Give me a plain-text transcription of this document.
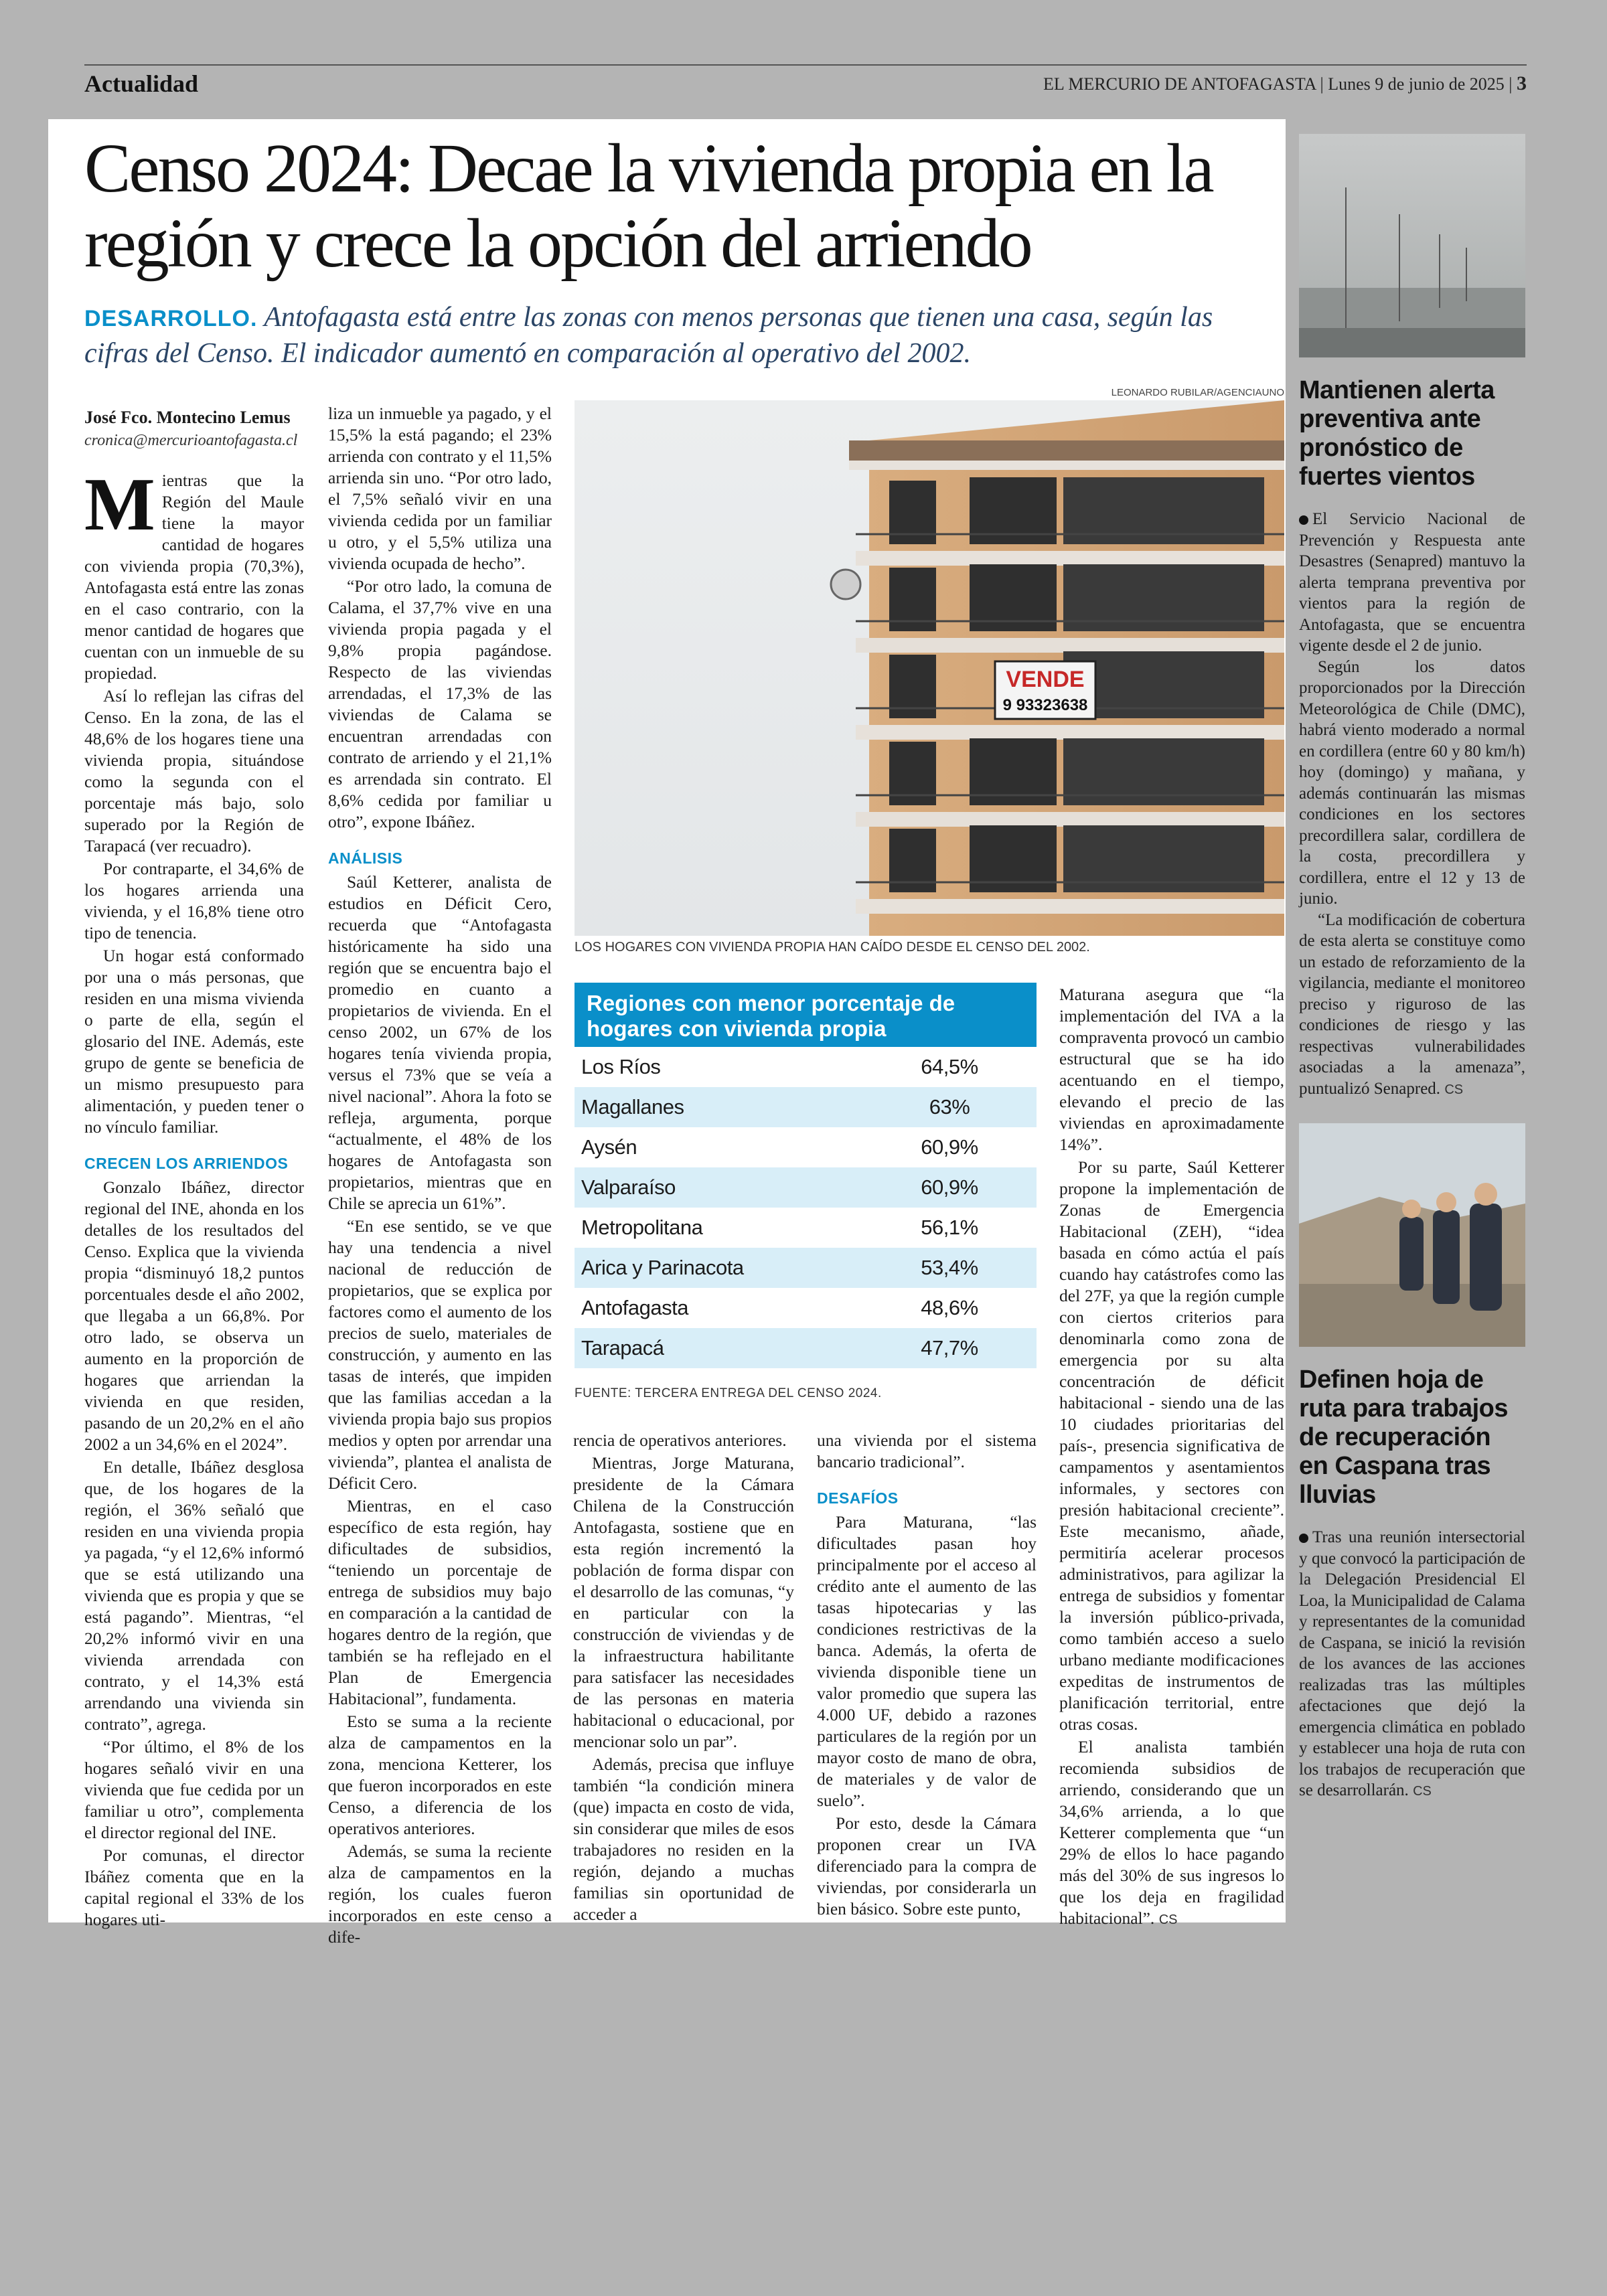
Actualidad	EL MERCURIO DE ANTOFAGASTA | Lunes 9 de junio de 2025 | 3
Censo 2024: Decae la vivienda propia en la región y crece la opción del arriendo
DESARROLLO. Antofagasta está entre las zonas con menos personas que tienen una casa, según las cifras del Censo. El indicador aumentó en comparación al operativo del 2002.

José Fco. Montecino Lemus

cronica@mercurioantofagasta.cl

Mientras que la Región del Maule tiene la mayor cantidad de hogares con vivienda propia (70,3%), Antofagasta está entre las zonas en el caso contrario, con la menor cantidad de hogares que cuentan con un inmueble de su propiedad.

Así lo reflejan las cifras del Censo. En la zona, de las el 48,6% de los hogares tiene una vivienda propia, situándose como la segunda con el porcentaje más bajo, solo superado por la Región de Tarapacá (ver recuadro).

Por contraparte, el 34,6% de los hogares arrienda una vivienda, y el 16,8% tiene otro tipo de tenencia.

Un hogar está conformado por una o más personas, que residen en una misma vivienda o parte de ella, según el glosario del INE. Además, este grupo de gente se beneficia de un mismo presupuesto para alimentación, y pueden tener o no vínculo familiar.

CRECEN LOS ARRIENDOS

Gonzalo Ibáñez, director regional del INE, ahonda en los detalles de los resultados del Censo. Explica que la vivienda propia “disminuyó 18,2 puntos porcentuales desde el año 2002, que llegaba a un 66,8%. Por otro lado, se observa un aumento en la proporción de hogares que arriendan la vivienda en que residen, pasando de un 20,2% en el año 2002 a un 34,6% en el 2024”.

En detalle, Ibáñez desglosa que, de los hogares de la región, el 36% señaló que residen en una vivienda propia ya pagada, “y el 12,6% informó que se está utilizando una vivienda que es propia y que se está pagando”. Mientras, “el 20,2% informó vivir en una vivienda arrendada con contrato, y el 14,3% está arrendando una vivienda sin contrato”, agrega.

“Por último, el 8% de los hogares señaló vivir en una vivienda que fue cedida por un familiar u otro”, complementa el director regional del INE.

Por comunas, el director Ibáñez comenta que en la capital regional el 33% de los hogares uti-

liza un inmueble ya pagado, y el 15,5% la está pagando; el 23% arrienda con contrato y el 11,5% arrienda sin uno. “Por otro lado, el 7,5% señaló vivir en una vivienda cedida por un familiar u otro, y el 5,5% utiliza una vivienda ocupada de hecho”.

“Por otro lado, la comuna de Calama, el 37,7% vive en una vivienda propia pagada y el 9,8% propia pagándose. Respecto de las viviendas arrendadas, el 17,3% de las viviendas de Calama se encuentran arrendadas con contrato de arriendo y el 21,1% es arrendada sin contrato. El 8,6% cedida por familiar u otro”, expone Ibáñez.

ANÁLISIS

Saúl Ketterer, analista de estudios en Déficit Cero, recuerda que “Antofagasta históricamente ha sido una región que se encuentra bajo el promedio en cuanto a propietarios de vivienda. En el censo 2002, un 67% de los hogares tenía vivienda propia, versus el 73% que se veía a nivel nacional”. Ahora la foto se refleja, argumenta, porque “actualmente, el 48% de los hogares de Antofagasta son propietarios, mientras que en Chile se aprecia un 61%”.

“En ese sentido, se ve que hay una tendencia a nivel nacional de reducción de propietarios, que se explica por factores como el aumento de los precios de suelo, materiales de construcción, y aumento en las tasas de interés, que impiden que las familias accedan a la vivienda propia bajo sus propios medios y opten por arrendar una vivienda”, plantea el analista de Déficit Cero.

Mientras, en el caso específico de esta región, hay dificultades de subsidios, “teniendo un porcentaje de entrega de subsidios muy bajo en comparación a la cantidad de hogares dentro de la región, que también se ha reflejado en el Plan de Emergencia Habitacional”, fundamenta.

Esto se suma a la reciente alza de campamentos en la zona, menciona Ketterer, los que fueron incorporados en este Censo, a diferencia de los operativos anteriores.

Además, se suma la reciente alza de campamentos en la región, los cuales fueron incorporados en este censo a dife-

LEONARDO RUBILAR/AGENCIAUNO
VENDE
9 93323638
LOS HOGARES CON VIVIENDA PROPIA HAN CAÍDO DESDE EL CENSO DEL 2002.
Regiones con menor porcentaje de hogares con vivienda propia
Los Ríos	64,5%
Magallanes	63%
Aysén	60,9%
Valparaíso	60,9%
Metropolitana	56,1%
Arica y Parinacota	53,4%
Antofagasta	48,6%
Tarapacá	47,7%
FUENTE: TERCERA ENTREGA DEL CENSO 2024.

rencia de operativos anteriores.

Mientras, Jorge Maturana, presidente de la Cámara Chilena de la Construcción Antofagasta, sostiene que en esta región incrementó la población de forma dispar con el desarrollo de las comunas, “y en particular con la construcción de viviendas y de la infraestructura habilitante para satisfacer las necesidades de las personas en materia habitacional o educacional, por mencionar solo un par”.

Además, precisa que influye también “la condición minera (que) impacta en costo de vida, sin considerar que miles de esos trabajadores no residen en la región, dejando a muchas familias sin oportunidad de acceder a

una vivienda por el sistema bancario tradicional”.

DESAFÍOS

Para Maturana, “las dificultades pasan hoy principalmente por el acceso al crédito ante el aumento de las tasas hipotecarias y las condiciones restrictivas de la banca. Además, la oferta de vivienda disponible tiene un valor promedio que supera las 4.000 UF, debido a razones particulares de la región por un mayor costo de mano de obra, de materiales y de valor de suelo”.

Por esto, desde la Cámara proponen crear un IVA diferenciado para la compra de viviendas, por considerarla un bien básico. Sobre este punto,

Maturana asegura que “la implementación del IVA a la compraventa provocó un cambio estructural que se ha ido acentuando en el tiempo, elevando el precio de las viviendas en aproximadamente 14%”.

Por su parte, Saúl Ketterer propone la implementación de Zonas de Emergencia Habitacional (ZEH), “idea basada en cómo actúa el país cuando hay catástrofes como las del 27F, ya que la región cumple con ciertos criterios para denominarla como zona de emergencia por su alta concentración de déficit habitacional - siendo una de las 10 ciudades prioritarias del país-, presencia significativa de campamentos y asentamientos informales, y sectores con presión habitacional creciente”. Este mecanismo, añade, permitiría acelerar procesos administrativos, para agilizar la entrega de subsidios y fomentar la inversión público-privada, como también acceso a suelo urbano mediante modificaciones expeditas de instrumentos de planificación territorial, entre otras cosas.

El analista también recomienda subsidios de arriendo, considerando que un 34,6% arrienda, a lo que Ketterer complementa que “un 29% de ellos lo hace pagando más del 30% de sus ingresos lo que los deja en fragilidad habitacional”. CS

Mantienen alerta preventiva ante pronóstico de fuertes vientos

El Servicio Nacional de Prevención y Respuesta ante Desastres (Senapred) mantuvo la alerta temprana preventiva por vientos para la región de Antofagasta, que se encuentra vigente desde el 2 de junio.

Según los datos proporcionados por la Dirección Meteorológica de Chile (DMC), habrá viento moderado a normal en cordillera (entre 60 y 80 km/h) hoy (domingo) y mañana, y además continuarán las mismas condiciones en los sectores precordillera salar, cordillera de la costa, precordillera y cordillera, entre el 12 y 13 de junio.

“La modificación de cobertura de esta alerta se constituye como un estado de reforzamiento de la vigilancia, mediante el monitoreo preciso y riguroso de las condiciones de riesgo y las respectivas vulnerabilidades asociadas a la amenaza”, puntualizó Senapred. CS

Definen hoja de ruta para trabajos de recuperación en Caspana tras lluvias

Tras una reunión intersectorial y que convocó la participación de la Delegación Presidencial El Loa, la Municipalidad de Calama y representantes de la comunidad de Caspana, se inició la revisión de los avances de las acciones realizadas tras las múltiples afectaciones que dejó la emergencia climática en poblado y establecer una hoja de ruta con los trabajos de recuperación que se desarrollarán. CS
